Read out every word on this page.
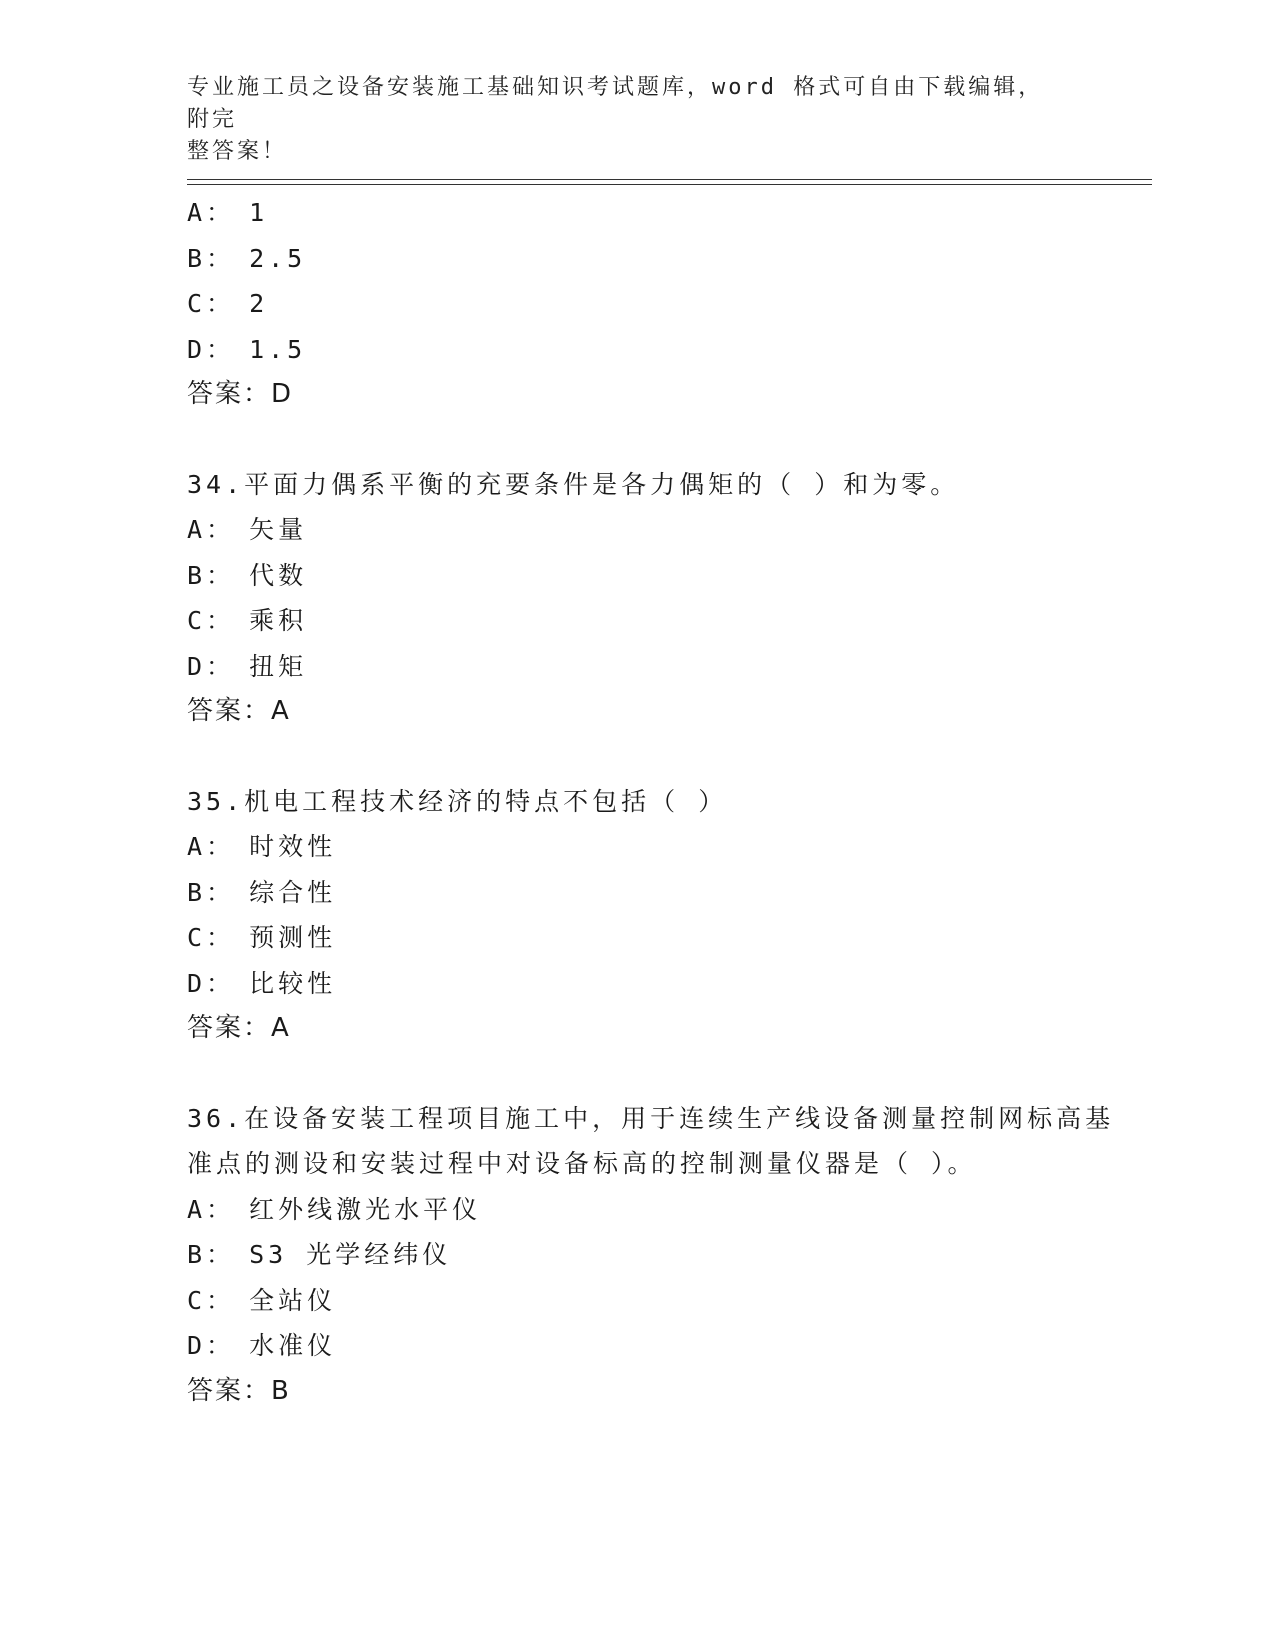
专业施工员之设备安装施工基础知识考试题库，word 格式可自由下载编辑，附完
整答案！
A： 1
B： 2.5
C： 2
D： 1.5
答案：D
34.平面力偶系平衡的充要条件是各力偶矩的（ ）和为零。
A： 矢量
B： 代数
C： 乘积
D： 扭矩
答案：A
35.机电工程技术经济的特点不包括（ ）
A： 时效性
B： 综合性
C： 预测性
D： 比较性
答案：A
36.在设备安装工程项目施工中，用于连续生产线设备测量控制网标高基准点的测设和安装过程中对设备标高的控制测量仪器是（ ）。
A： 红外线激光水平仪
B： S3 光学经纬仪
C： 全站仪
D： 水准仪
答案：B
